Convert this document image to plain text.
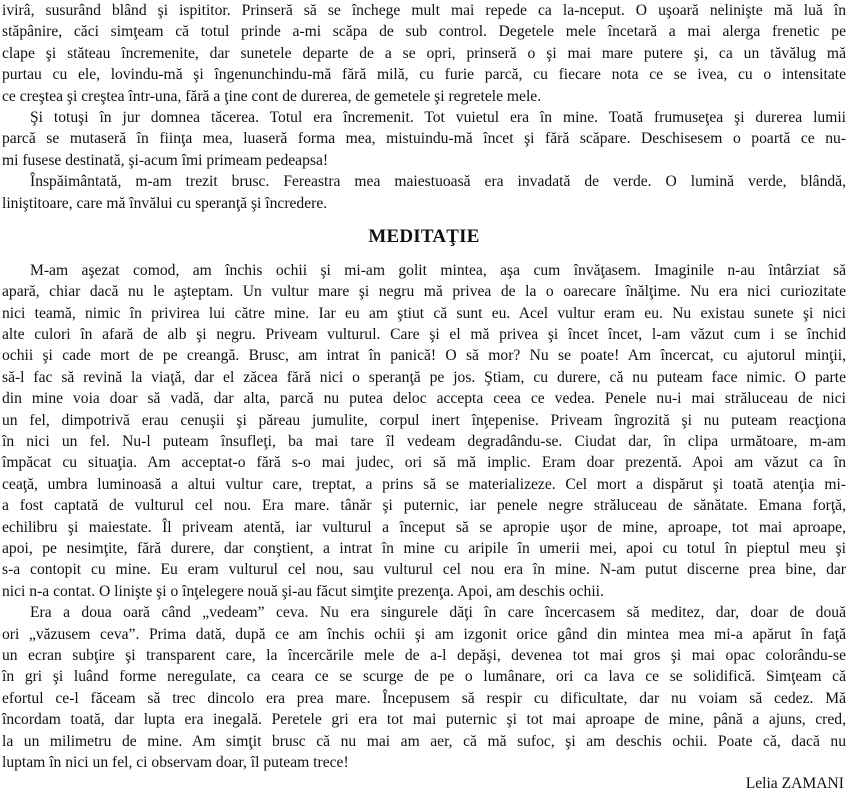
ivirâ, susurând blând şi ispititor. Prinseră să se închege mult mai repede ca la-nceput. O uşoară nelinişte mă luă în
stăpânire, căci simţeam că totul prinde a-mi scăpa de sub control. Degetele mele încetară a mai alerga frenetic pe
clape şi stăteau încremenite, dar sunetele departe de a se opri, prinseră o şi mai mare putere şi, ca un tăvălug mă
purtau cu ele, lovindu-mă şi îngenunchindu-mă fără milă, cu furie parcă, cu fiecare nota ce se ivea, cu o intensitate
ce creştea şi creştea într-una, fără a ţine cont de durerea, de gemetele şi regretele mele.
Şi totuşi în jur domnea tăcerea. Totul era încremenit. Tot vuietul era în mine. Toată frumuseţea şi durerea lumii
parcă se mutaseră în fiinţa mea, luaseră forma mea, mistuindu-mă încet şi fără scăpare. Deschisesem o poartă ce nu-
mi fusese destinată, şi-acum îmi primeam pedeapsa!
Înspăimântată, m-am trezit brusc. Fereastra mea maiestuoasă era invadată de verde. O lumină verde, blândă,
liniştitoare, care mă învălui cu speranţă şi încredere.
MEDITAŢIE
M-am aşezat comod, am închis ochii şi mi-am golit mintea, aşa cum învăţasem. Imaginile n-au întârziat să
apară, chiar dacă nu le aşteptam. Un vultur mare şi negru mă privea de la o oarecare înălţime. Nu era nici curiozitate
nici teamă, nimic în privirea lui către mine. Iar eu am ştiut că sunt eu. Acel vultur eram eu. Nu existau sunete şi nici
alte culori în afară de alb şi negru. Priveam vulturul. Care şi el mă privea şi încet încet, l-am văzut cum i se închid
ochii şi cade mort de pe creangă. Brusc, am intrat în panică! O să mor? Nu se poate! Am încercat, cu ajutorul minţii,
să-l fac să revină la viaţă, dar el zăcea fără nici o speranţă pe jos. Ştiam, cu durere, că nu puteam face nimic. O parte
din mine voia doar să vadă, dar alta, parcă nu putea deloc accepta ceea ce vedea. Penele nu-i mai străluceau de nici
un fel, dimpotrivă erau cenuşii şi păreau jumulite, corpul inert înţepenise. Priveam îngrozită şi nu puteam reacţiona
în nici un fel. Nu-l puteam însufleţi, ba mai tare îl vedeam degradându-se. Ciudat dar, în clipa următoare, m-am
împăcat cu situaţia. Am acceptat-o fără s-o mai judec, ori să mă implic. Eram doar prezentă. Apoi am văzut ca în
ceaţă, umbra luminoasă a altui vultur care, treptat, a prins să se materializeze. Cel mort a dispărut şi toată atenţia mi-
a fost captată de vulturul cel nou. Era mare. tânăr şi puternic, iar penele negre străluceau de sănătate. Emana forţă,
echilibru şi maiestate. Îl priveam atentă, iar vulturul a început să se apropie uşor de mine, aproape, tot mai aproape,
apoi, pe nesimţite, fără durere, dar conştient, a intrat în mine cu aripile în umerii mei, apoi cu totul în pieptul meu şi
s-a contopit cu mine. Eu eram vulturul cel nou, sau vulturul cel nou era în mine. N-am putut discerne prea bine, dar
nici n-a contat. O linişte şi o înţelegere nouă şi-au făcut simţite prezenţa. Apoi, am deschis ochii.
Era a doua oară când „vedeam” ceva. Nu era singurele dăţi în care încercasem să meditez, dar, doar de două
ori „văzusem ceva”. Prima dată, după ce am închis ochii şi am izgonit orice gând din mintea mea mi-a apărut în faţă
un ecran subţire şi transparent care, la încercările mele de a-l depăşi, devenea tot mai gros şi mai opac colorându-se
în gri şi luând forme neregulate, ca ceara ce se scurge de pe o lumânare, ori ca lava ce se solidifică. Simţeam că
efortul ce-l făceam să trec dincolo era prea mare. Începusem să respir cu dificultate, dar nu voiam să cedez. Mă
încordam toată, dar lupta era inegală. Peretele gri era tot mai puternic şi tot mai aproape de mine, până a ajuns, cred,
la un milimetru de mine. Am simţit brusc că nu mai am aer, că mă sufoc, şi am deschis ochii. Poate că, dacă nu
luptam în nici un fel, ci observam doar, îl puteam trece!
Lelia ZAMANI
